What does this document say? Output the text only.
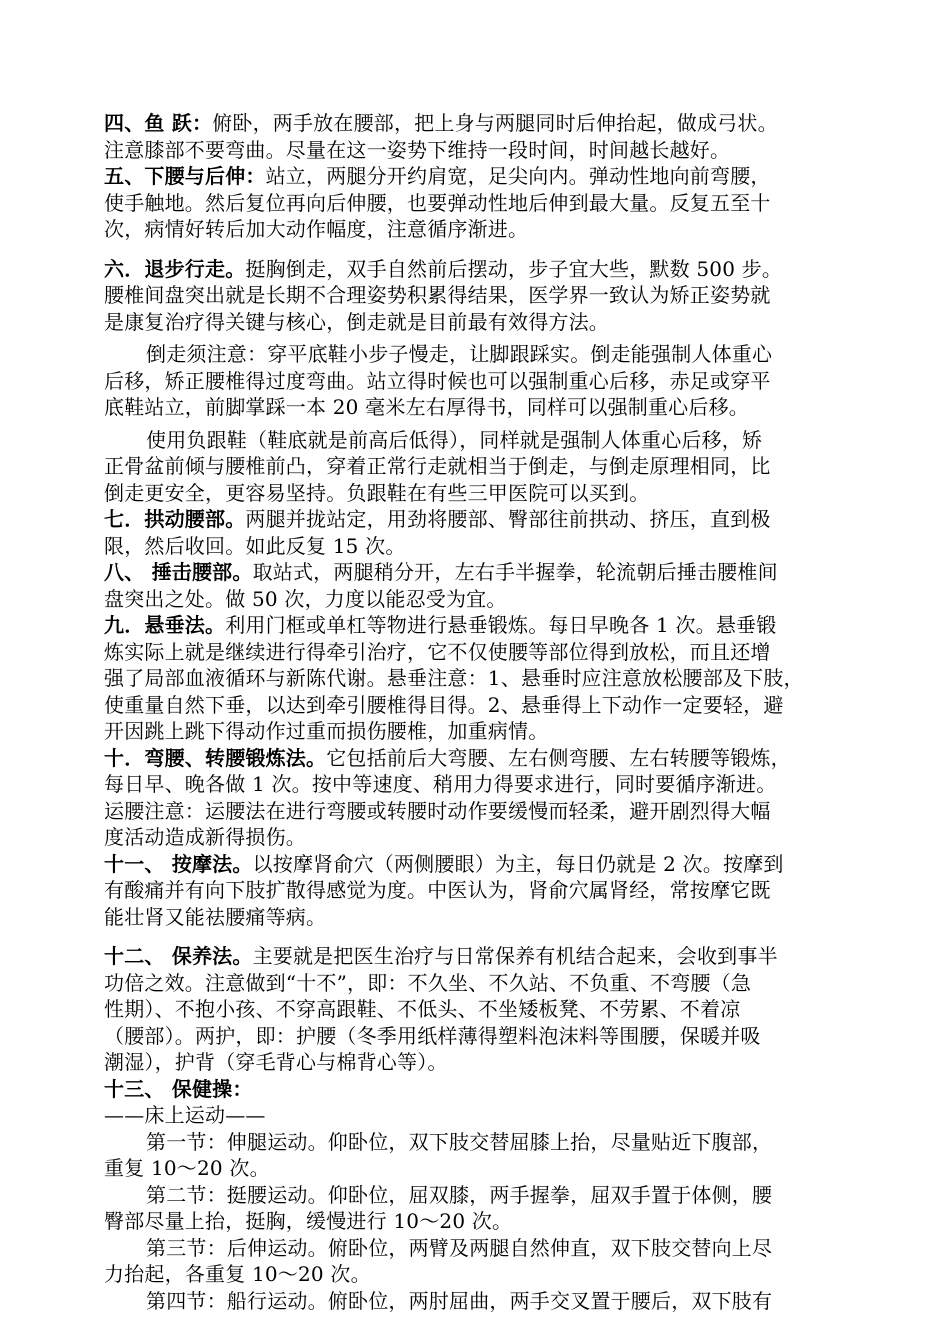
四、鱼 跃：俯卧，两手放在腰部，把上身与两腿同时后伸抬起，做成弓状。
注意膝部不要弯曲。尽量在这一姿势下维持一段时间，时间越长越好。
五、下腰与后伸：站立，两腿分开约肩宽，足尖向内。弹动性地向前弯腰，
使手触地。然后复位再向后伸腰，也要弹动性地后伸到最大量。反复五至十
次，病情好转后加大动作幅度，注意循序渐进。
六．退步行走。挺胸倒走，双手自然前后摆动，步子宜大些，默数 500 步。
腰椎间盘突出就是长期不合理姿势积累得结果，医学界一致认为矫正姿势就
是康复治疗得关键与核心，倒走就是目前最有效得方法。
倒走须注意：穿平底鞋小步子慢走，让脚跟踩实。倒走能强制人体重心
后移，矫正腰椎得过度弯曲。站立得时候也可以强制重心后移，赤足或穿平
底鞋站立，前脚掌踩一本 20 毫米左右厚得书，同样可以强制重心后移。
使用负跟鞋（鞋底就是前高后低得），同样就是强制人体重心后移，矫
正骨盆前倾与腰椎前凸，穿着正常行走就相当于倒走，与倒走原理相同，比
倒走更安全，更容易坚持。负跟鞋在有些三甲医院可以买到。
七．拱动腰部。两腿并拢站定，用劲将腰部、臀部往前拱动、挤压，直到极
限，然后收回。如此反复 15 次。
八、 捶击腰部。取站式，两腿稍分开，左右手半握拳，轮流朝后捶击腰椎间
盘突出之处。做 50 次，力度以能忍受为宜。
九．悬垂法。利用门框或单杠等物进行悬垂锻炼。每日早晚各 1 次。悬垂锻
炼实际上就是继续进行得牵引治疗，它不仅使腰等部位得到放松，而且还增
强了局部血液循环与新陈代谢。悬垂注意：1、悬垂时应注意放松腰部及下肢，
使重量自然下垂，以达到牵引腰椎得目得。2、悬垂得上下动作一定要轻，避
开因跳上跳下得动作过重而损伤腰椎，加重病情。
十．弯腰、转腰锻炼法。它包括前后大弯腰、左右侧弯腰、左右转腰等锻炼，
每日早、晚各做 1 次。按中等速度、稍用力得要求进行，同时要循序渐进。
运腰注意：运腰法在进行弯腰或转腰时动作要缓慢而轻柔，避开剧烈得大幅
度活动造成新得损伤。
十一、 按摩法。以按摩肾俞穴（两侧腰眼）为主，每日仍就是 2 次。按摩到
有酸痛并有向下肢扩散得感觉为度。中医认为，肾俞穴属肾经，常按摩它既
能壮肾又能祛腰痛等病。
十二、 保养法。主要就是把医生治疗与日常保养有机结合起来，会收到事半
功倍之效。注意做到“十不”，即：不久坐、不久站、不负重、不弯腰（急
性期）、不抱小孩、不穿高跟鞋、不低头、不坐矮板凳、不劳累、不着凉
（腰部）。两护，即：护腰（冬季用纸样薄得塑料泡沫料等围腰，保暖并吸
潮湿），护背（穿毛背心与棉背心等）。
十三、 保健操：
——床上运动——
第一节：伸腿运动。仰卧位，双下肢交替屈膝上抬，尽量贴近下腹部，
重复 10～20 次。
第二节：挺腰运动。仰卧位，屈双膝，两手握拳，屈双手置于体侧，腰
臀部尽量上抬，挺胸，缓慢进行 10～20 次。
第三节：后伸运动。俯卧位，两臂及两腿自然伸直，双下肢交替向上尽
力抬起，各重复 10～20 次。
第四节：船行运动。俯卧位，两肘屈曲，两手交叉置于腰后，双下肢有
